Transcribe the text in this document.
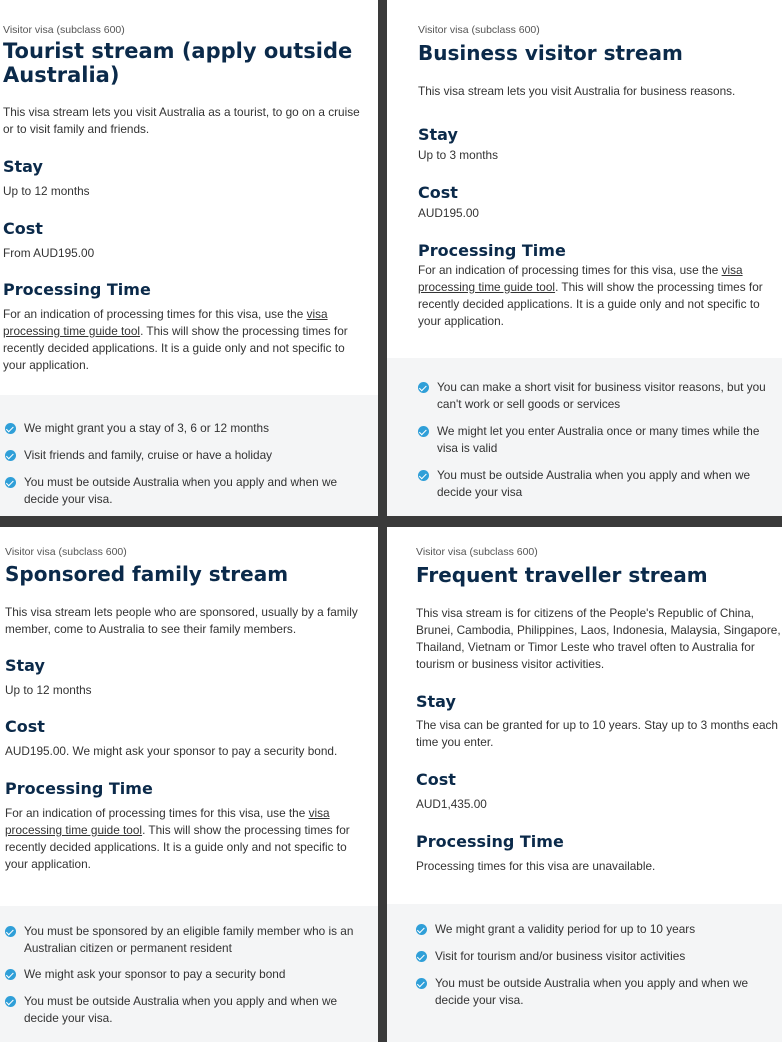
Visitor visa (subclass 600)
Tourist stream (apply outside
Australia)
This visa stream lets you visit Australia as a tourist, to go on a cruise
or to visit family and friends.
Stay
Up to 12 months
Cost
From AUD195.00
Processing Time
For an indication of processing times for this visa, use the visa
processing time guide tool. This will show the processing times for
recently decided applications. It is a guide only and not specific to
your application.
We might grant you a stay of 3, 6 or 12 months
Visit friends and family, cruise or have a holiday
You must be outside Australia when you apply and when we
decide your visa.
Visitor visa (subclass 600)
Business visitor stream
This visa stream lets you visit Australia for business reasons.
Stay
Up to 3 months
Cost
AUD195.00
Processing Time
For an indication of processing times for this visa, use the visa
processing time guide tool. This will show the processing times for
recently decided applications. It is a guide only and not specific to
your application.
You can make a short visit for business visitor reasons, but you
can't work or sell goods or services
We might let you enter Australia once or many times while the
visa is valid
You must be outside Australia when you apply and when we
decide your visa
Visitor visa (subclass 600)
Sponsored family stream
This visa stream lets people who are sponsored, usually by a family
member, come to Australia to see their family members.
Stay
Up to 12 months
Cost
AUD195.00. We might ask your sponsor to pay a security bond.
Processing Time
For an indication of processing times for this visa, use the visa
processing time guide tool. This will show the processing times for
recently decided applications. It is a guide only and not specific to
your application.
You must be sponsored by an eligible family member who is an
Australian citizen or permanent resident
We might ask your sponsor to pay a security bond
You must be outside Australia when you apply and when we
decide your visa.
Visitor visa (subclass 600)
Frequent traveller stream
This visa stream is for citizens of the People's Republic of China,
Brunei, Cambodia, Philippines, Laos, Indonesia, Malaysia, Singapore,
Thailand, Vietnam or Timor Leste who travel often to Australia for
tourism or business visitor activities.
Stay
The visa can be granted for up to 10 years. Stay up to 3 months each
time you enter.
Cost
AUD1,435.00
Processing Time
Processing times for this visa are unavailable.
We might grant a validity period for up to 10 years
Visit for tourism and/or business visitor activities
You must be outside Australia when you apply and when we
decide your visa.
